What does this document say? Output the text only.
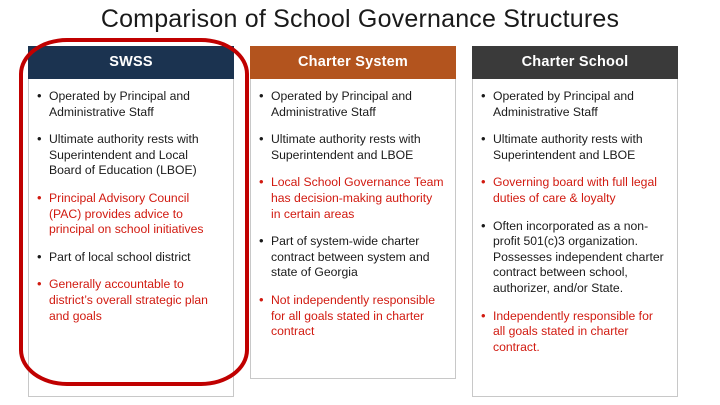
Comparison of School Governance Structures
SWSS
• Operated by Principal and Administrative Staff
• Ultimate authority rests with Superintendent and Local Board of Education (LBOE)
• Principal Advisory Council (PAC) provides advice to principal on school initiatives
• Part of local school district
• Generally accountable to district’s overall strategic plan and goals
Charter System
• Operated by Principal and Administrative Staff
• Ultimate authority rests with Superintendent and LBOE
• Local School Governance Team has decision-making authority in certain areas
• Part of system-wide charter contract between system and state of Georgia
• Not independently responsible for all goals stated in charter contract
Charter School
• Operated by Principal and Administrative Staff
• Ultimate authority rests with Superintendent and LBOE
• Governing board with full legal duties of care & loyalty
• Often incorporated as a non-profit 501(c)3 organization. Possesses independent charter contract between school, authorizer, and/or State.
• Independently responsible for all goals stated in charter contract.
